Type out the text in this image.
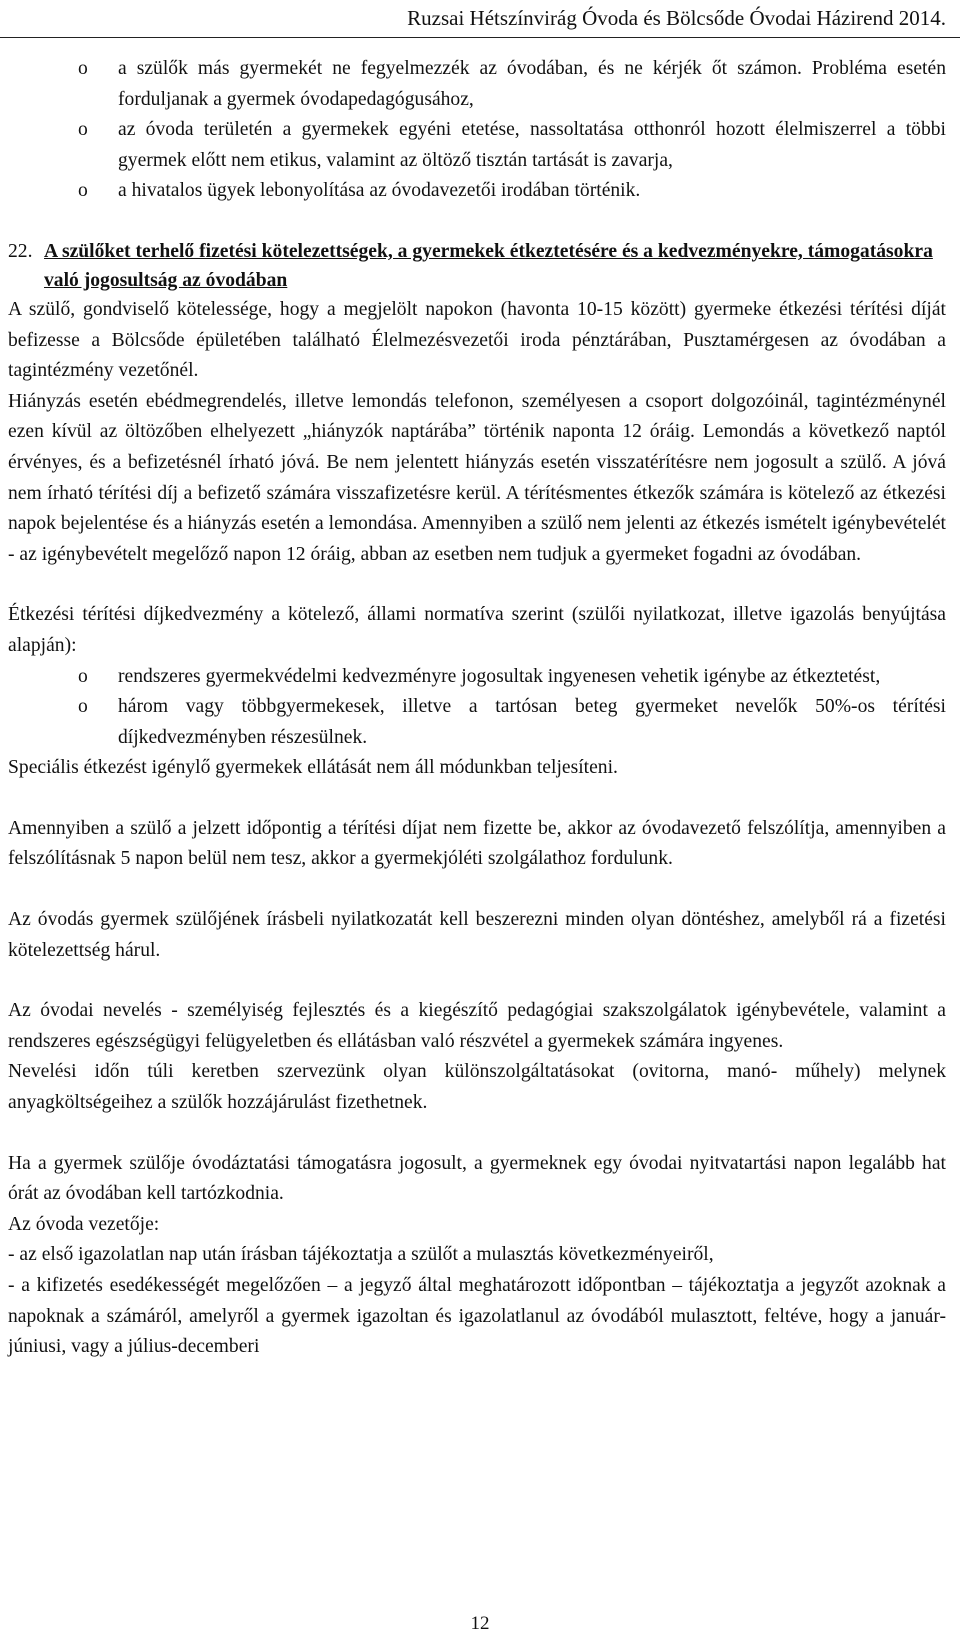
Ruzsai Hétszínvirág Óvoda és Bölcsőde Óvodai Házirend 2014.
o	a szülők más gyermekét ne fegyelmezzék az óvodában, és ne kérjék őt számon. Probléma esetén forduljanak a gyermek óvodapedagógusához,
o	az óvoda területén a gyermekek egyéni etetése, nassoltatása otthonról hozott élelmiszerrel a többi gyermek előtt nem etikus, valamint az öltöző tisztán tartását is zavarja,
o	a hivatalos ügyek lebonyolítása az óvodavezetői irodában történik.
22. A szülőket terhelő fizetési kötelezettségek, a gyermekek étkeztetésére és a kedvezményekre, támogatásokra való jogosultság az óvodában

A szülő, gondviselő kötelessége, hogy a megjelölt napokon (havonta 10-15 között) gyermeke étkezési térítési díját befizesse a Bölcsőde épületében található Élelmezésvezetői iroda pénztárában, Pusztamérgesen az óvodában a tagintézmény vezetőnél.

Hiányzás esetén ebédmegrendelés, illetve lemondás telefonon, személyesen a csoport dolgozóinál, tagintézménynél ezen kívül az öltözőben elhelyezett „hiányzók naptárába” történik naponta 12 óráig. Lemondás a következő naptól érvényes, és a befizetésnél írható jóvá. Be nem jelentett hiányzás esetén visszatérítésre nem jogosult a szülő. A jóvá nem írható térítési díj a befizető számára visszafizetésre kerül. A térítésmentes étkezők számára is kötelező az étkezési napok bejelentése és a hiányzás esetén a lemondása. Amennyiben a szülő nem jelenti az étkezés ismételt igénybevételét - az igénybevételt megelőző napon 12 óráig, abban az esetben nem tudjuk a gyermeket fogadni az óvodában.

Étkezési térítési díjkedvezmény a kötelező, állami normatíva szerint (szülői nyilatkozat, illetve igazolás benyújtása alapján):

o	rendszeres gyermekvédelmi kedvezményre jogosultak ingyenesen vehetik igénybe az étkeztetést,
o	három vagy többgyermekesek, illetve a tartósan beteg gyermeket nevelők 50%-os térítési díjkedvezményben részesülnek.

Speciális étkezést igénylő gyermekek ellátását nem áll módunkban teljesíteni.

Amennyiben a szülő a jelzett időpontig a térítési díjat nem fizette be, akkor az óvodavezető felszólítja, amennyiben a felszólításnak 5 napon belül nem tesz, akkor a gyermekjóléti szolgálathoz fordulunk.

Az óvodás gyermek szülőjének írásbeli nyilatkozatát kell beszerezni minden olyan döntéshez, amelyből rá a fizetési kötelezettség hárul.

Az óvodai nevelés - személyiség fejlesztés és a kiegészítő pedagógiai szakszolgálatok igénybevétele, valamint a rendszeres egészségügyi felügyeletben és ellátásban való részvétel a gyermekek számára ingyenes.

Nevelési időn túli keretben szervezünk olyan különszolgáltatásokat (ovitorna, manó- műhely) melynek anyagköltségeihez a szülők hozzájárulást fizethetnek.

Ha a gyermek szülője óvodáztatási támogatásra jogosult, a gyermeknek egy óvodai nyitvatartási napon legalább hat órát az óvodában kell tartózkodnia.

Az óvoda vezetője:

- az első igazolatlan nap után írásban tájékoztatja a szülőt a mulasztás következményeiről,

- a kifizetés esedékességét megelőzően – a jegyző által meghatározott időpontban – tájékoztatja a jegyzőt azoknak a napoknak a számáról, amelyről a gyermek igazoltan és igazolatlanul az óvodából mulasztott, feltéve, hogy a január-júniusi, vagy a július-decemberi

12
